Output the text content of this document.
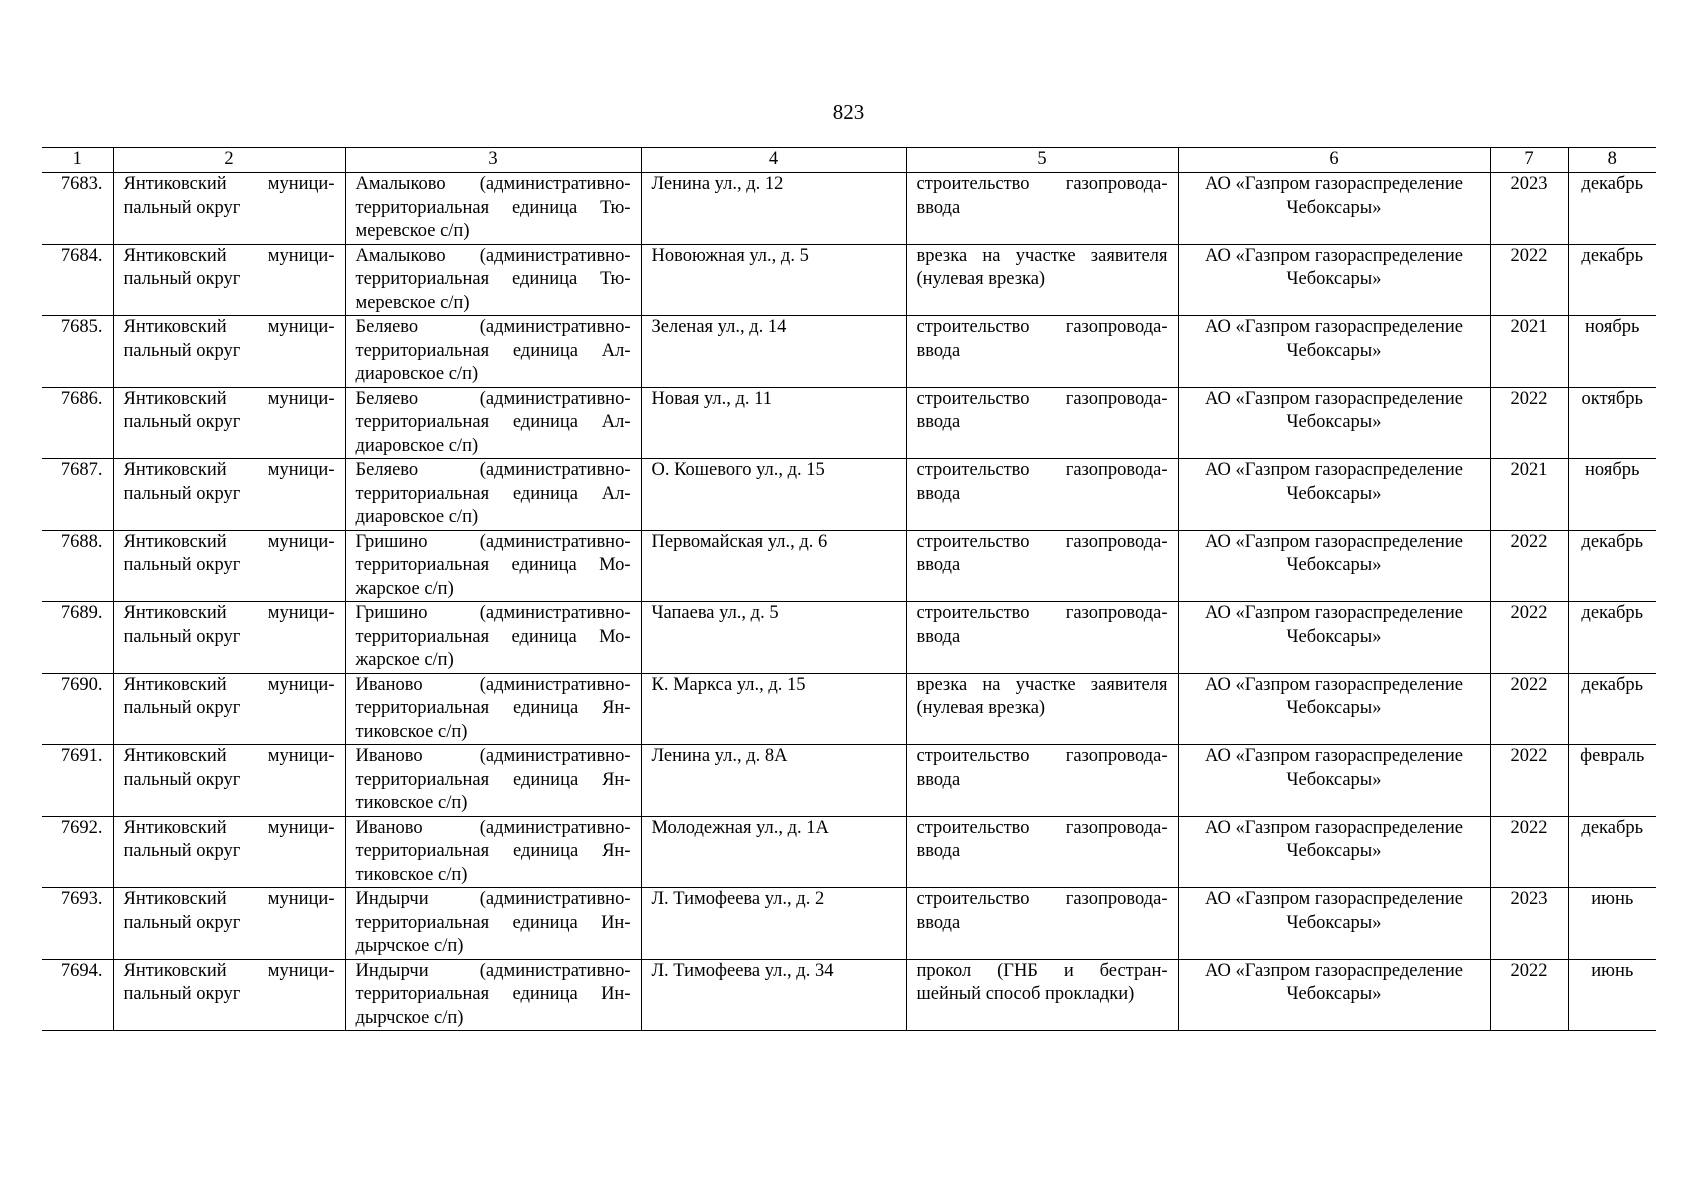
823
1	2	3	4	5	6	7	8
7683.	Янтиковский муници-пальный округ	Амалыково (административно-территориальная единица Тю-меревское с/п)	Ленина ул., д. 12	строительство газопровода-ввода	АО «Газпром газораспределение Чебоксары»	2023	декабрь
7684.	Янтиковский муници-пальный округ	Амалыково (административно-территориальная единица Тю-меревское с/п)	Новоюжная ул., д. 5	врезка на участке заявителя (нулевая врезка)	АО «Газпром газораспределение Чебоксары»	2022	декабрь
7685.	Янтиковский муници-пальный округ	Беляево (административно-территориальная единица Ал-диаровское с/п)	Зеленая ул., д. 14	строительство газопровода-ввода	АО «Газпром газораспределение Чебоксары»	2021	ноябрь
7686.	Янтиковский муници-пальный округ	Беляево (административно-территориальная единица Ал-диаровское с/п)	Новая ул., д. 11	строительство газопровода-ввода	АО «Газпром газораспределение Чебоксары»	2022	октябрь
7687.	Янтиковский муници-пальный округ	Беляево (административно-территориальная единица Ал-диаровское с/п)	О. Кошевого ул., д. 15	строительство газопровода-ввода	АО «Газпром газораспределение Чебоксары»	2021	ноябрь
7688.	Янтиковский муници-пальный округ	Гришино (административно-территориальная единица Мо-жарское с/п)	Первомайская ул., д. 6	строительство газопровода-ввода	АО «Газпром газораспределение Чебоксары»	2022	декабрь
7689.	Янтиковский муници-пальный округ	Гришино (административно-территориальная единица Мо-жарское с/п)	Чапаева ул., д. 5	строительство газопровода-ввода	АО «Газпром газораспределение Чебоксары»	2022	декабрь
7690.	Янтиковский муници-пальный округ	Иваново (административно-территориальная единица Ян-тиковское с/п)	К. Маркса ул., д. 15	врезка на участке заявителя (нулевая врезка)	АО «Газпром газораспределение Чебоксары»	2022	декабрь
7691.	Янтиковский муници-пальный округ	Иваново (административно-территориальная единица Ян-тиковское с/п)	Ленина ул., д. 8А	строительство газопровода-ввода	АО «Газпром газораспределение Чебоксары»	2022	февраль
7692.	Янтиковский муници-пальный округ	Иваново (административно-территориальная единица Ян-тиковское с/п)	Молодежная ул., д. 1А	строительство газопровода-ввода	АО «Газпром газораспределение Чебоксары»	2022	декабрь
7693.	Янтиковский муници-пальный округ	Индырчи (административно-территориальная единица Ин-дырчское с/п)	Л. Тимофеева ул., д. 2	строительство газопровода-ввода	АО «Газпром газораспределение Чебоксары»	2023	июнь
7694.	Янтиковский муници-пальный округ	Индырчи (административно-территориальная единица Ин-дырчское с/п)	Л. Тимофеева ул., д. 34	прокол (ГНБ и бестран-шейный способ прокладки)	АО «Газпром газораспределение Чебоксары»	2022	июнь
